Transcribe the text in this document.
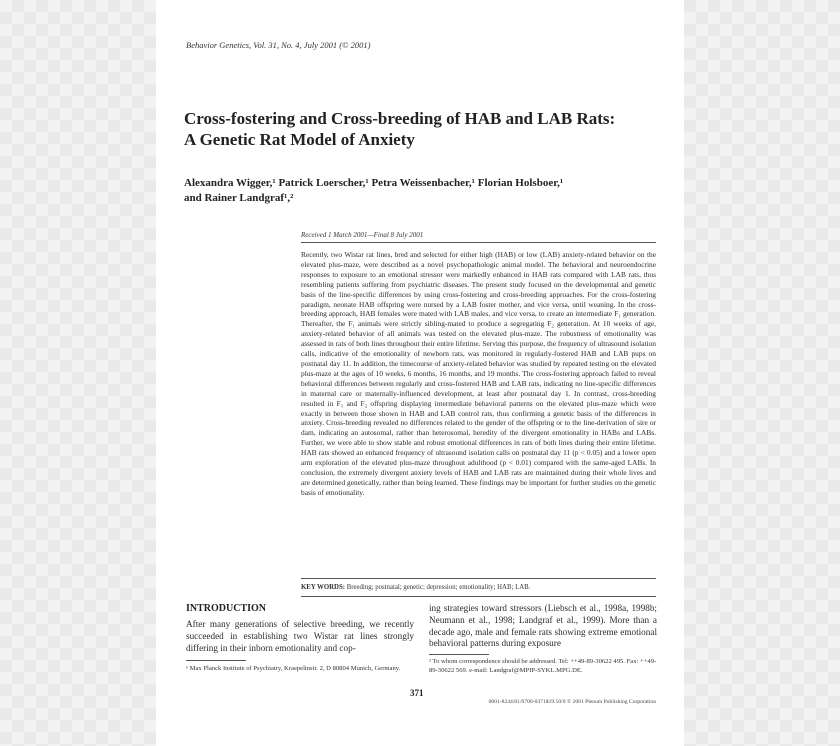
Behavior Genetics, Vol. 31, No. 4, July 2001 (© 2001)
Cross-fostering and Cross-breeding of HAB and LAB Rats:
A Genetic Rat Model of Anxiety
Alexandra Wigger,¹ Patrick Loerscher,¹ Petra Weissenbacher,¹ Florian Holsboer,¹
and Rainer Landgraf¹,²
Received 1 March 2001—Final 8 July 2001
Recently, two Wistar rat lines, bred and selected for either high (HAB) or low (LAB) anxiety-related behavior on the elevated plus-maze, were described as a novel psychopathologic animal model. The behavioral and neuroendocrine responses to exposure to an emotional stressor were markedly enhanced in HAB rats compared with LAB rats, thus resembling patients suffering from psychiatric diseases. The present study focused on the developmental and genetic basis of the line-specific differences by using cross-fostering and cross-breeding approaches. For the cross-fostering paradigm, neonate HAB offspring were nursed by a LAB foster mother, and vice versa, until weaning. In the cross-breeding approach, HAB females were mated with LAB males, and vice versa, to create an intermediate F₁ generation. Thereafter, the F₁ animals were strictly sibling-mated to produce a segregating F₂ generation. At 10 weeks of age, anxiety-related behavior of all animals was tested on the elevated plus-maze. The robustness of emotionality was assessed in rats of both lines throughout their entire lifetime. Serving this purpose, the frequency of ultrasound isolation calls, indicative of the emotionality of newborn rats, was monitored in regularly-fostered HAB and LAB pups on postnatal day 11. In addition, the timecourse of anxiety-related behavior was studied by repeated testing on the elevated plus-maze at the ages of 10 weeks, 6 months, 16 months, and 19 months. The cross-fostering approach failed to reveal behavioral differences between regularly and cross-fostered HAB and LAB rats, indicating no line-specific differences in maternal care or maternally-influenced development, at least after postnatal day 1. In contrast, cross-breeding resulted in F₁ and F₂ offspring displaying intermediate behavioral patterns on the elevated plus-maze which were exactly in between those shown in HAB and LAB control rats, thus confirming a genetic basis of the differences in anxiety. Cross-breeding revealed no differences related to the gender of the offspring or to the line-derivation of sire or dam, indicating an autosomal, rather than heterosomal, heredity of the divergent emotionality in HABs and LABs. Further, we were able to show stable and robust emotional differences in rats of both lines during their entire lifetime. HAB rats showed an enhanced frequency of ultrasound isolation calls on postnatal day 11 (p < 0.05) and a lower open arm exploration of the elevated plus-maze throughout adulthood (p < 0.01) compared with the same-aged LABs. In conclusion, the extremely divergent anxiety levels of HAB and LAB rats are maintained during their whole lives and are determined genetically, rather than being learned. These findings may be important for further studies on the genetic basis of emotionality.
KEY WORDS: Breeding; postnatal; genetic; depression; emotionality; HAB; LAB.
INTRODUCTION
After many generations of selective breeding, we recently succeeded in establishing two Wistar rat lines strongly differing in their inborn emotionality and cop-
ing strategies toward stressors (Liebsch et al., 1998a, 1998b; Neumann et al., 1998; Landgraf et al., 1999). More than a decade ago, male and female rats showing extreme emotional behavioral patterns during exposure
¹ Max Planck Institute of Psychiatry, Kraepelinstr. 2, D 80804 Munich, Germany.
² To whom correspondence should be addressed. Tel: ++49-89-30622 495. Fax: ++49-89-30622 569. e-mail: Landgraf@MPIP-SYKL.MPG.DE.
371
0001-8244/01/0700-0371$19.50/0 © 2001 Plenum Publishing Corporation
